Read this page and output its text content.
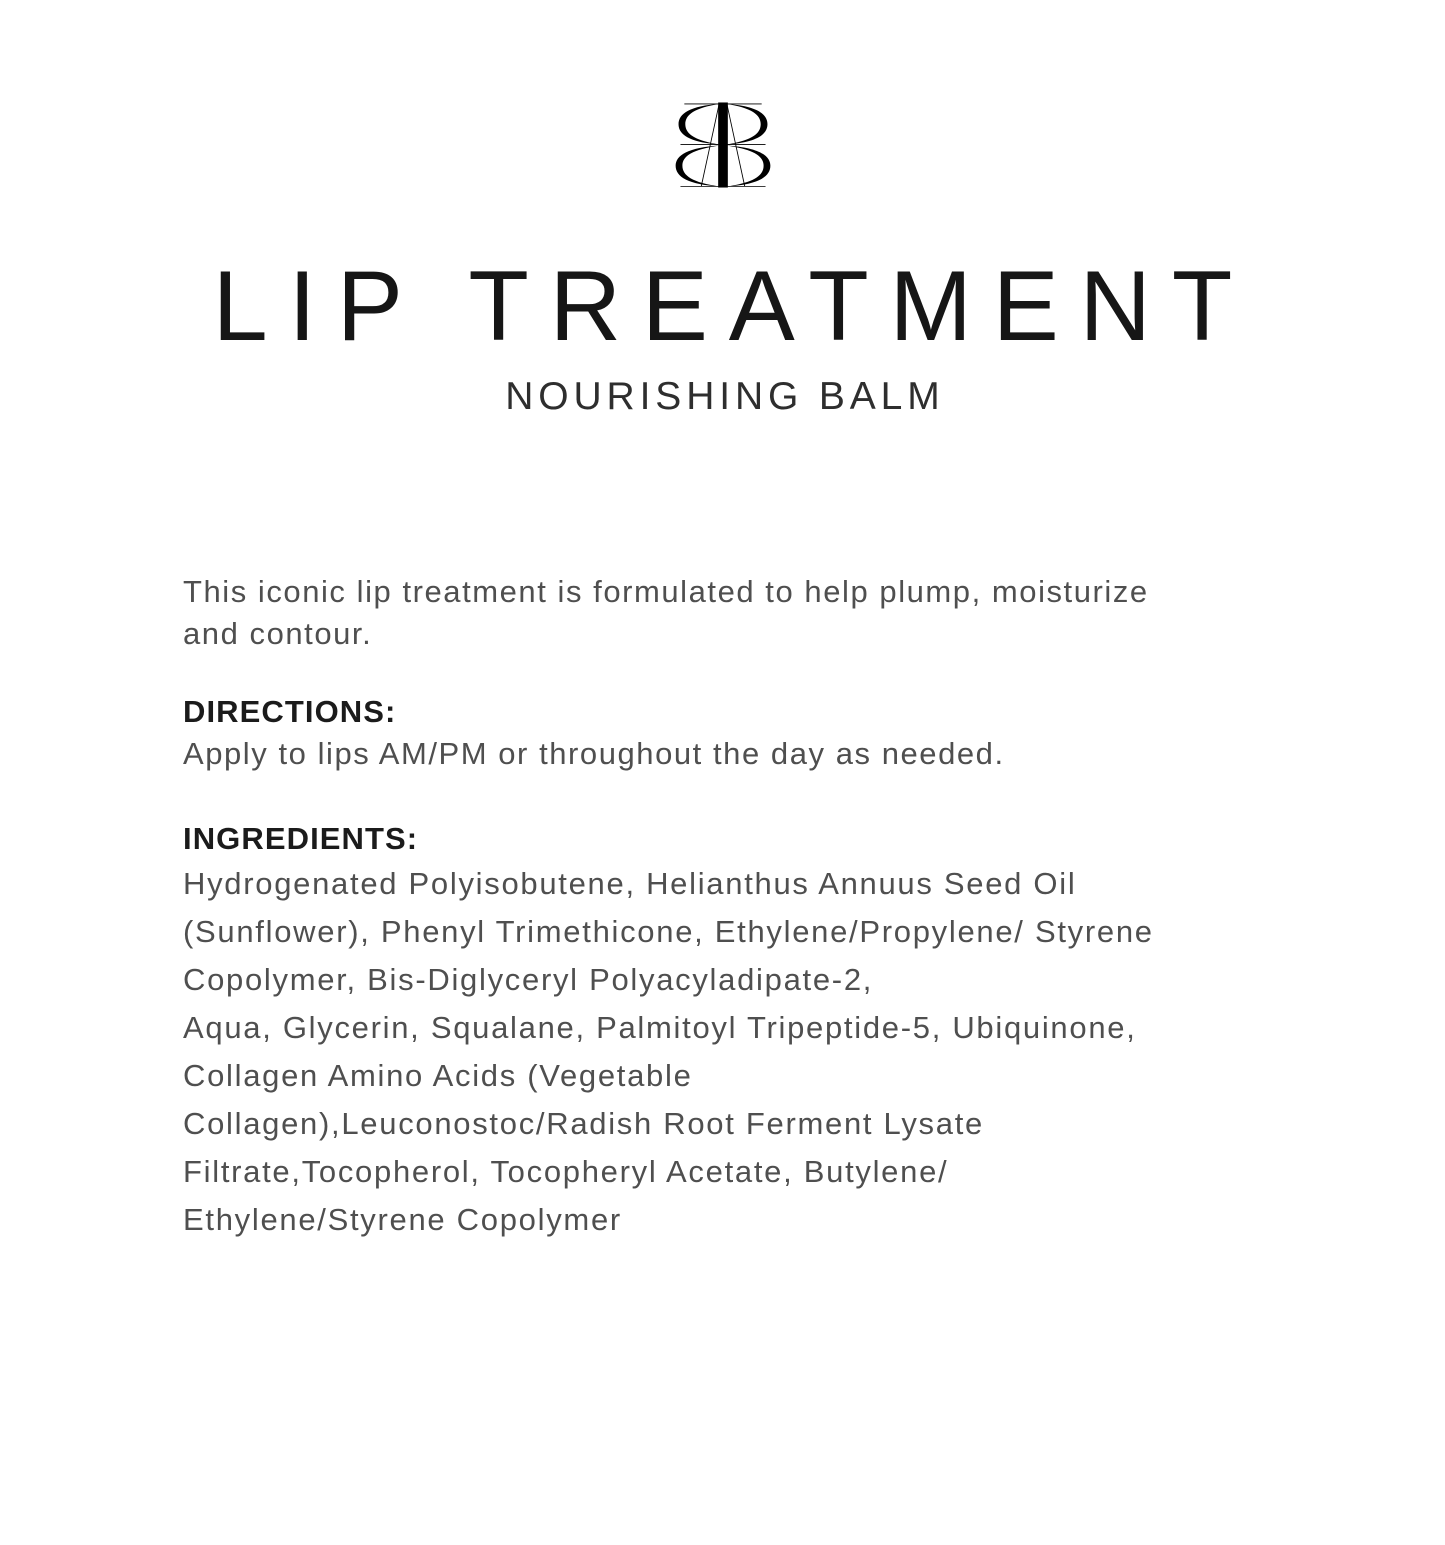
LIP TREATMENT
NOURISHING BALM

This iconic lip treatment is formulated to help plump, moisturize
and contour.

DIRECTIONS:
Apply to lips AM/PM or throughout the day as needed.
INGREDIENTS:
Hydrogenated Polyisobutene, Helianthus Annuus Seed Oil
(Sunflower), Phenyl Trimethicone, Ethylene/Propylene/ Styrene
Copolymer, Bis-Diglyceryl Polyacyladipate-2,
Aqua, Glycerin, Squalane, Palmitoyl Tripeptide-5, Ubiquinone,
Collagen Amino Acids (Vegetable
Collagen),Leuconostoc/Radish Root Ferment Lysate
Filtrate,Tocopherol, Tocopheryl Acetate, Butylene/
Ethylene/Styrene Copolymer
